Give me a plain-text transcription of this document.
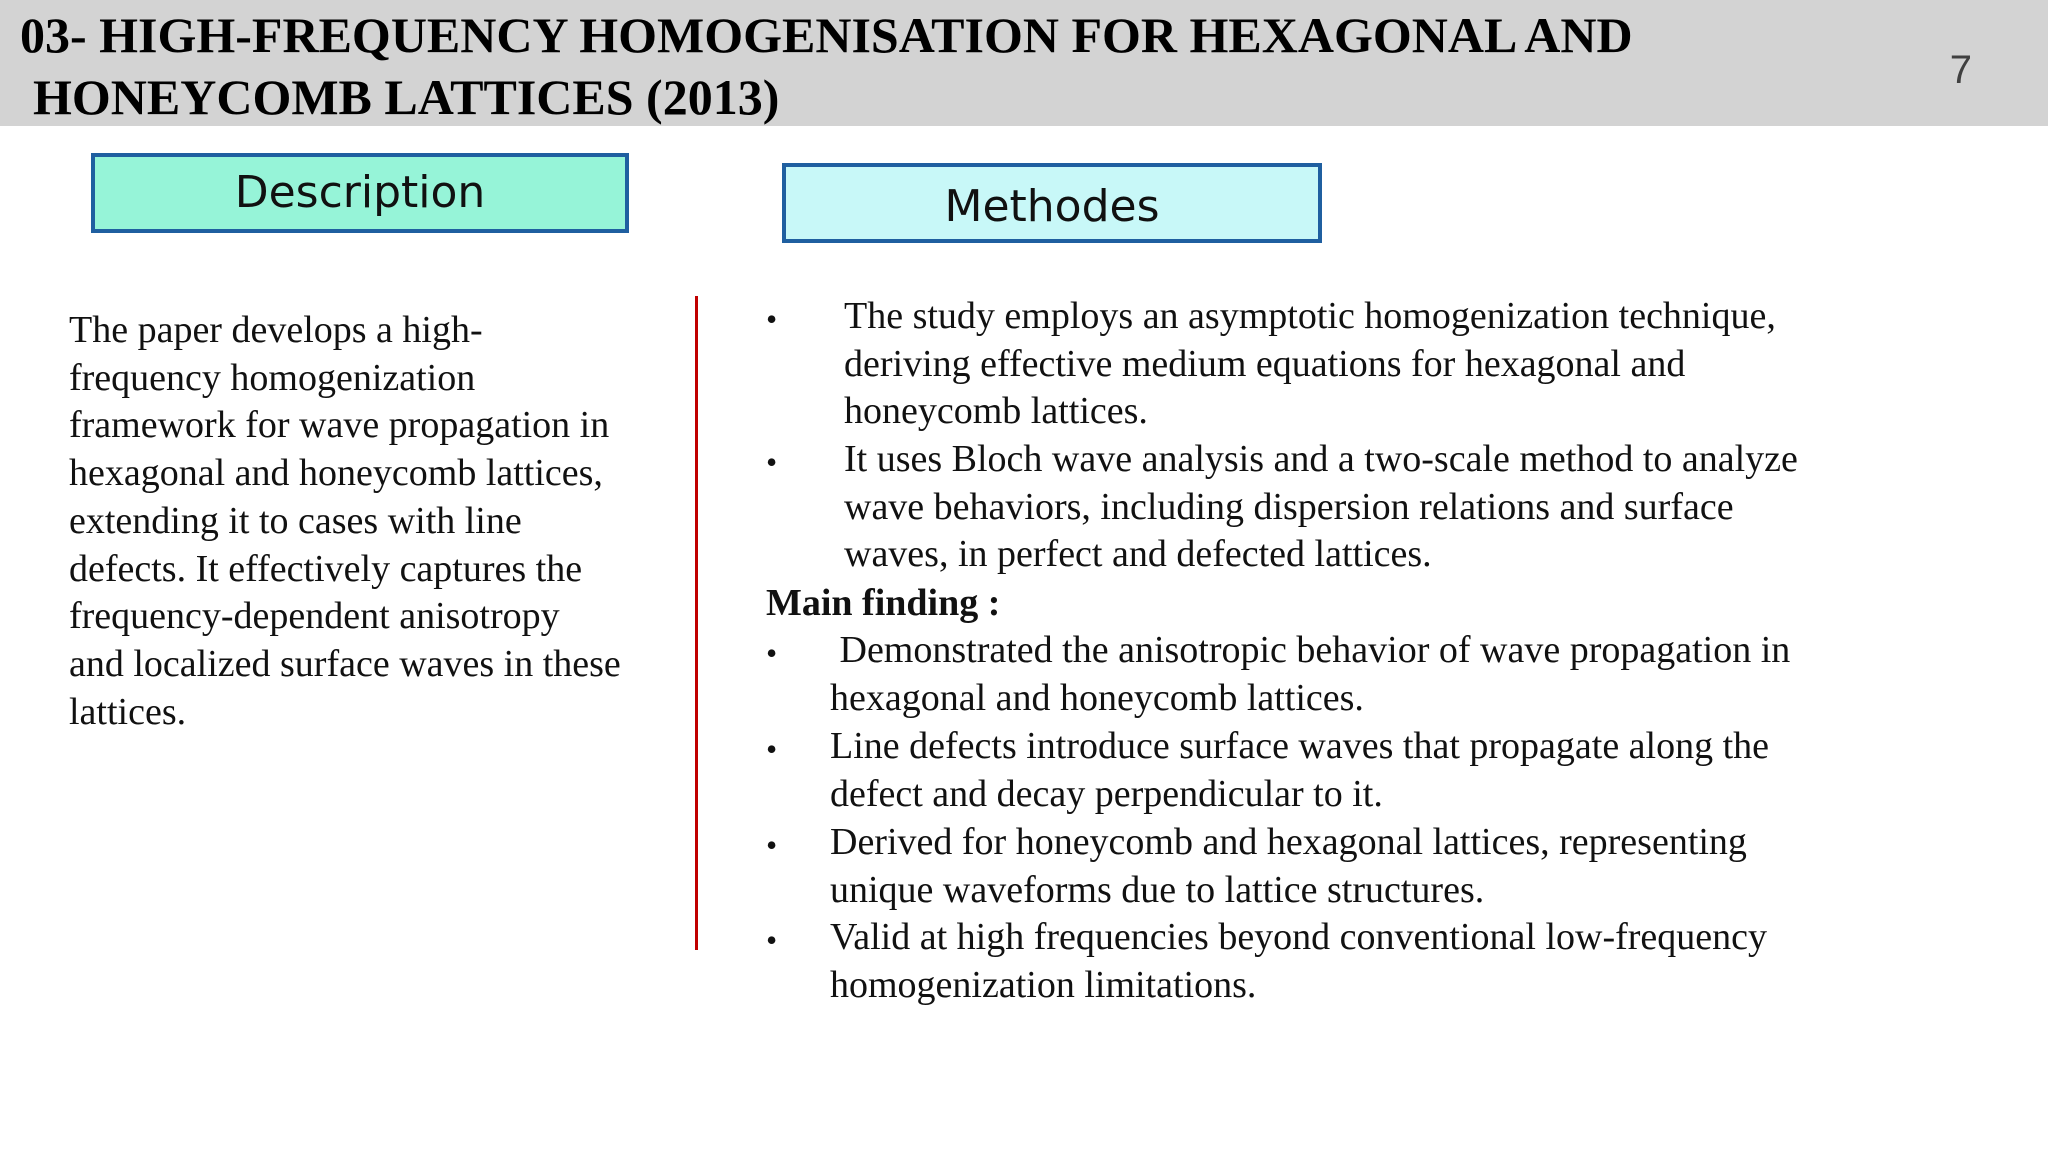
03- HIGH-FREQUENCY HOMOGENISATION FOR HEXAGONAL AND
HONEYCOMB LATTICES (2013)	7
Description	Methodes

The paper develops a high-
frequency homogenization
framework for wave propagation in
hexagonal and honeycomb lattices,
extending it to cases with line
defects. It effectively captures the
frequency-dependent anisotropy
and localized surface waves in these
lattices.

• The study employs an asymptotic homogenization technique,
deriving effective medium equations for hexagonal and
honeycomb lattices.

• It uses Bloch wave analysis and a two-scale method to analyze
wave behaviors, including dispersion relations and surface
waves, in perfect and defected lattices.

Main finding :
• Demonstrated the anisotropic behavior of wave propagation in
hexagonal and honeycomb lattices.

• Line defects introduce surface waves that propagate along the
defect and decay perpendicular to it.

• Derived for honeycomb and hexagonal lattices, representing
unique waveforms due to lattice structures.

• Valid at high frequencies beyond conventional low-frequency
homogenization limitations.
